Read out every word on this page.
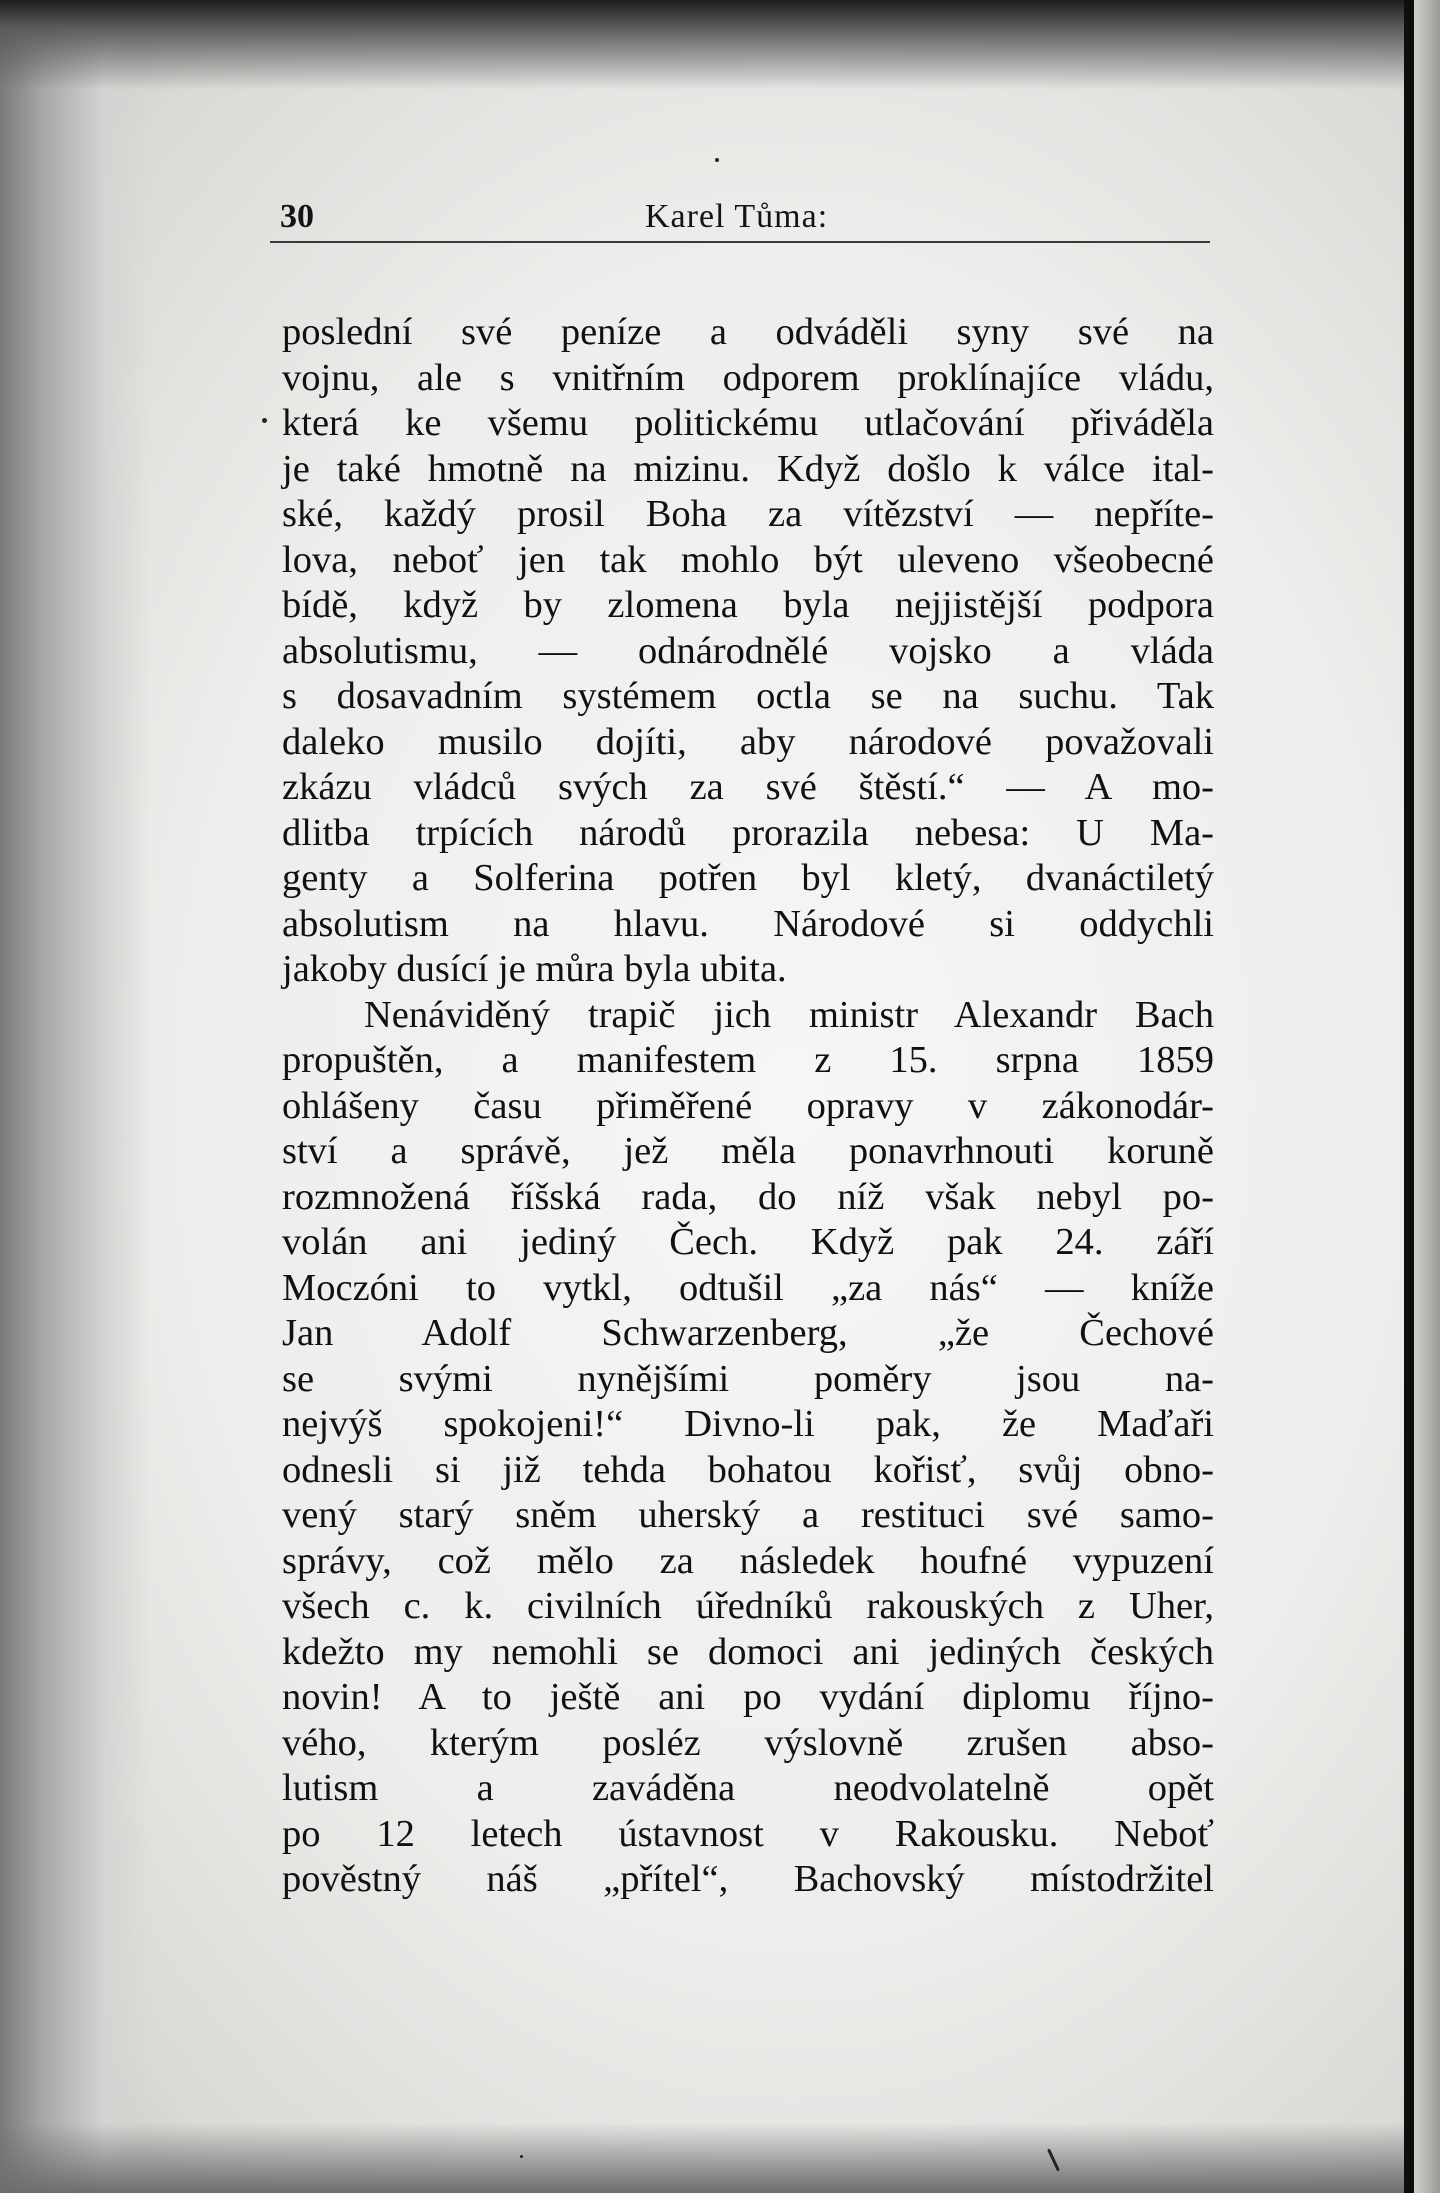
30	Karel Tůma:
poslední své peníze a odváděli syny své na
vojnu, ale s vnitřním odporem proklínajíce vládu,
která ke všemu politickému utlačování přiváděla
je také hmotně na mizinu. Když došlo k válce ital-
ské, každý prosil Boha za vítězství — nepříte-
lova, neboť jen tak mohlo být uleveno všeobecné
bídě, když by zlomena byla nejjistější podpora
absolutismu, — odnárodnělé vojsko a vláda
s dosavadním systémem octla se na suchu. Tak
daleko musilo dojíti, aby národové považovali
zkázu vládců svých za své štěstí.“ — A mo-
dlitba trpících národů prorazila nebesa: U Ma-
genty a Solferina potřen byl kletý, dvanáctiletý
absolutism na hlavu. Národové si oddychli
jakoby dusící je můra byla ubita.
Nenáviděný trapič jich ministr Alexandr Bach
propuštěn, a manifestem z 15. srpna 1859
ohlášeny času přiměřené opravy v zákonodár-
ství a správě, jež měla ponavrhnouti koruně
rozmnožená říšská rada, do níž však nebyl po-
volán ani jediný Čech. Když pak 24. září
Moczóni to vytkl, odtušil „za nás“ — kníže
Jan Adolf Schwarzenberg, „že Čechové
se svými nynějšími poměry jsou na-
nejvýš spokojeni!“ Divno-li pak, že Maďaři
odnesli si již tehda bohatou kořisť, svůj obno-
vený starý sněm uherský a restituci své samo-
správy, což mělo za následek houfné vypuzení
všech c. k. civilních úředníků rakouských z Uher,
kdežto my nemohli se domoci ani jediných českých
novin! A to ještě ani po vydání diplomu říjno-
vého, kterým posléz výslovně zrušen abso-
lutism a zaváděna neodvolatelně opět
po 12 letech ústavnost v Rakousku. Neboť
pověstný náš „přítel“, Bachovský místodržitel
